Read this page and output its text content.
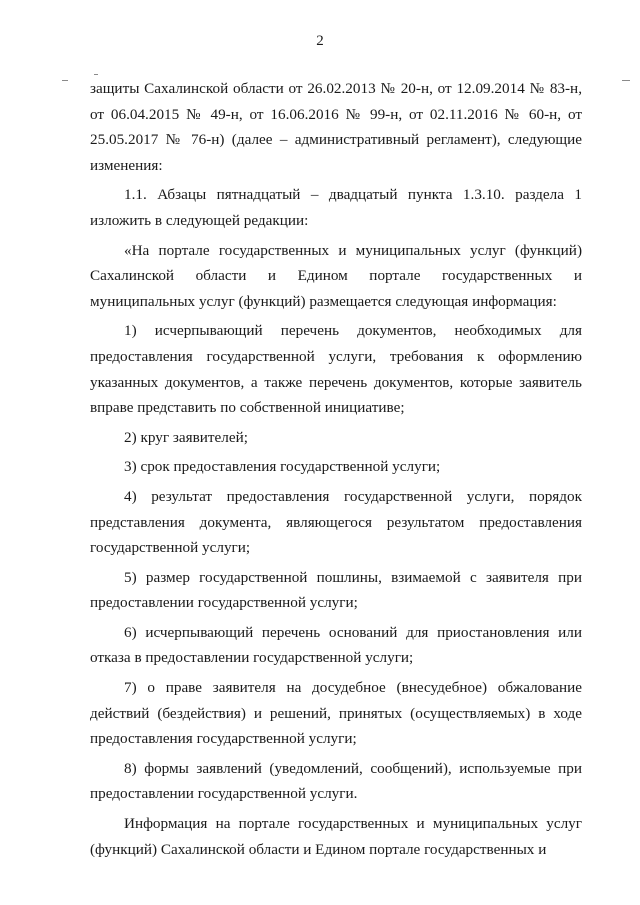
2

защиты Сахалинской области от 26.02.2013 № 20-н, от 12.09.2014 № 83-н, от 06.04.2015 № 49-н, от 16.06.2016 № 99-н, от 02.11.2016 № 60-н, от 25.05.2017 № 76-н) (далее – административный регламент), следующие изменения:

1.1. Абзацы пятнадцатый – двадцатый пункта 1.3.10. раздела 1 изложить в следующей редакции:

«На портале государственных и муниципальных услуг (функций) Сахалинской области и Едином портале государственных и муниципальных услуг (функций) размещается следующая информация:

1) исчерпывающий перечень документов, необходимых для предоставления государственной услуги, требования к оформлению указанных документов, а также перечень документов, которые заявитель вправе представить по собственной инициативе;

2) круг заявителей;

3) срок предоставления государственной услуги;

4) результат предоставления государственной услуги, порядок представления документа, являющегося результатом предоставления государственной услуги;

5) размер государственной пошлины, взимаемой с заявителя при предоставлении государственной услуги;

6) исчерпывающий перечень оснований для приостановления или отказа в предоставлении государственной услуги;

7) о праве заявителя на досудебное (внесудебное) обжалование действий (бездействия) и решений, принятых (осуществляемых) в ходе предоставления государственной услуги;

8) формы заявлений (уведомлений, сообщений), используемые при предоставлении государственной услуги.

Информация на портале государственных и муниципальных услуг (функций) Сахалинской области и Едином портале государственных и
